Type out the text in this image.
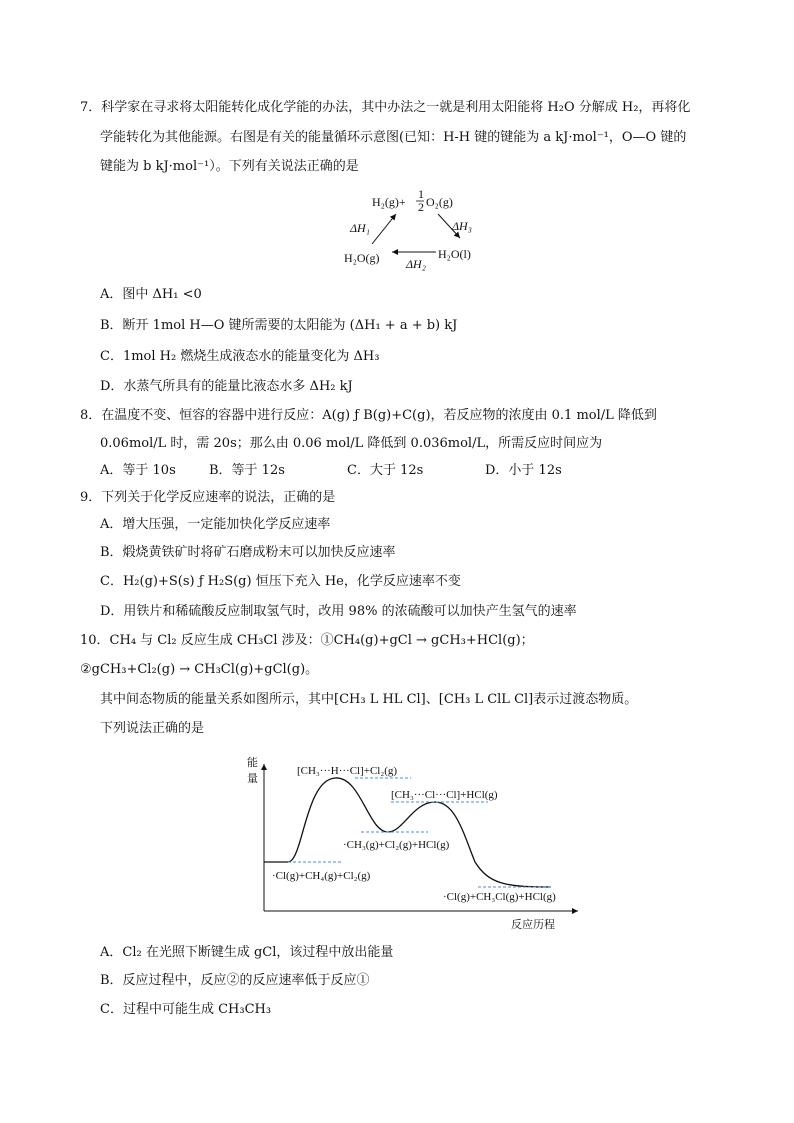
7．科学家在寻求将太阳能转化成化学能的办法，其中办法之一就是利用太阳能将 H₂O 分解成 H₂，再将化
学能转化为其他能源。右图是有关的能量循环示意图(已知：H-H 键的键能为 a kJ·mol⁻¹，O—O 键的
键能为 b kJ·mol⁻¹）。下列有关说法正确的是
H₂(g)+
1
2 O₂(g)
H₂O(g)	H₂O(l)
ΔH₁	ΔH₃
ΔH₂
A．图中 ΔH₁ <0
B．断开 1mol H—O 键所需要的太阳能为 (ΔH₁ + a + b) kJ
C．1mol H₂ 燃烧生成液态水的能量变化为 ΔH₃
D．水蒸气所具有的能量比液态水多 ΔH₂ kJ
8．在温度不变、恒容的容器中进行反应：A(g) ƒ B(g)+C(g)，若反应物的浓度由 0.1 mol/L 降低到
0.06mol/L 时，需 20s；那么由 0.06 mol/L 降低到 0.036mol/L，所需反应时间应为
A．等于 10s	B．等于 12s	C．大于 12s	D．小于 12s
9．下列关于化学反应速率的说法，正确的是
A．增大压强，一定能加快化学反应速率
B．煅烧黄铁矿时将矿石磨成粉末可以加快反应速率
C．H₂(g)+S(s) ƒ H₂S(g) 恒压下充入 He，化学反应速率不变
D．用铁片和稀硫酸反应制取氢气时，改用 98% 的浓硫酸可以加快产生氢气的速率
10．CH₄ 与 Cl₂ 反应生成 CH₃Cl 涉及：①CH₄(g)+gCl → gCH₃+HCl(g)；
②gCH₃+Cl₂(g) → CH₃Cl(g)+gCl(g)。
其中间态物质的能量关系如图所示，其中[CH₃ L HL Cl]、[CH₃ L ClL Cl]表示过渡态物质。
下列说法正确的是
能
量
反应历程
[CH₃···H···Cl]+Cl₂(g)
[CH₃···Cl···Cl]+HCl(g)
·CH₃(g)+Cl₂(g)+HCl(g)
·Cl(g)+CH₄(g)+Cl₂(g)
·Cl(g)+CH₃Cl(g)+HCl(g)
A．Cl₂ 在光照下断键生成 gCl，该过程中放出能量
B．反应过程中，反应②的反应速率低于反应①
C．过程中可能生成 CH₃CH₃
